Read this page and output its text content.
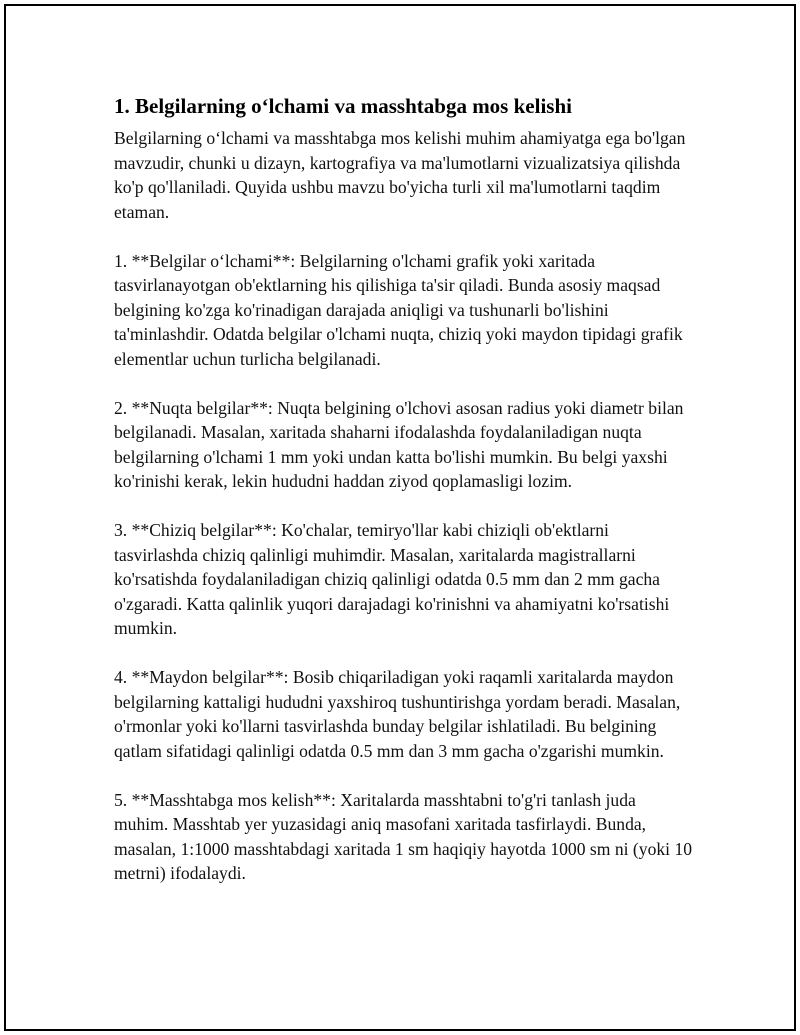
1. Belgilarning o‘lchami va masshtabga mos kelishi

Belgilarning o‘lchami va masshtabga mos kelishi muhim ahamiyatga ega bo'lgan mavzudir, chunki u dizayn, kartografiya va ma'lumotlarni vizualizatsiya qilishda ko'p qo'llaniladi. Quyida ushbu mavzu bo'yicha turli xil ma'lumotlarni taqdim etaman.

1. **Belgilar o‘lchami**: Belgilarning o'lchami grafik yoki xaritada tasvirlanayotgan ob'ektlarning his qilishiga ta'sir qiladi. Bunda asosiy maqsad belgining ko'zga ko'rinadigan darajada aniqligi va tushunarli bo'lishini ta'minlashdir. Odatda belgilar o'lchami nuqta, chiziq yoki maydon tipidagi grafik elementlar uchun turlicha belgilanadi.

2. **Nuqta belgilar**: Nuqta belgining o'lchovi asosan radius yoki diametr bilan belgilanadi. Masalan, xaritada shaharni ifodalashda foydalaniladigan nuqta belgilarning o'lchami 1 mm yoki undan katta bo'lishi mumkin. Bu belgi yaxshi ko'rinishi kerak, lekin hududni haddan ziyod qoplamasligi lozim.

3. **Chiziq belgilar**: Ko'chalar, temiryo'llar kabi chiziqli ob'ektlarni tasvirlashda chiziq qalinligi muhimdir. Masalan, xaritalarda magistrallarni ko'rsatishda foydalaniladigan chiziq qalinligi odatda 0.5 mm dan 2 mm gacha o'zgaradi. Katta qalinlik yuqori darajadagi ko'rinishni va ahamiyatni ko'rsatishi mumkin.

4. **Maydon belgilar**: Bosib chiqariladigan yoki raqamli xaritalarda maydon belgilarning kattaligi hududni yaxshiroq tushuntirishga yordam beradi. Masalan, o'rmonlar yoki ko'llarni tasvirlashda bunday belgilar ishlatiladi. Bu belgining qatlam sifatidagi qalinligi odatda 0.5 mm dan 3 mm gacha o'zgarishi mumkin.

5. **Masshtabga mos kelish**: Xaritalarda masshtabni to'g'ri tanlash juda muhim. Masshtab yer yuzasidagi aniq masofani xaritada tasfirlaydi. Bunda, masalan, 1:1000 masshtabdagi xaritada 1 sm haqiqiy hayotda 1000 sm ni (yoki 10 metrni) ifodalaydi.
